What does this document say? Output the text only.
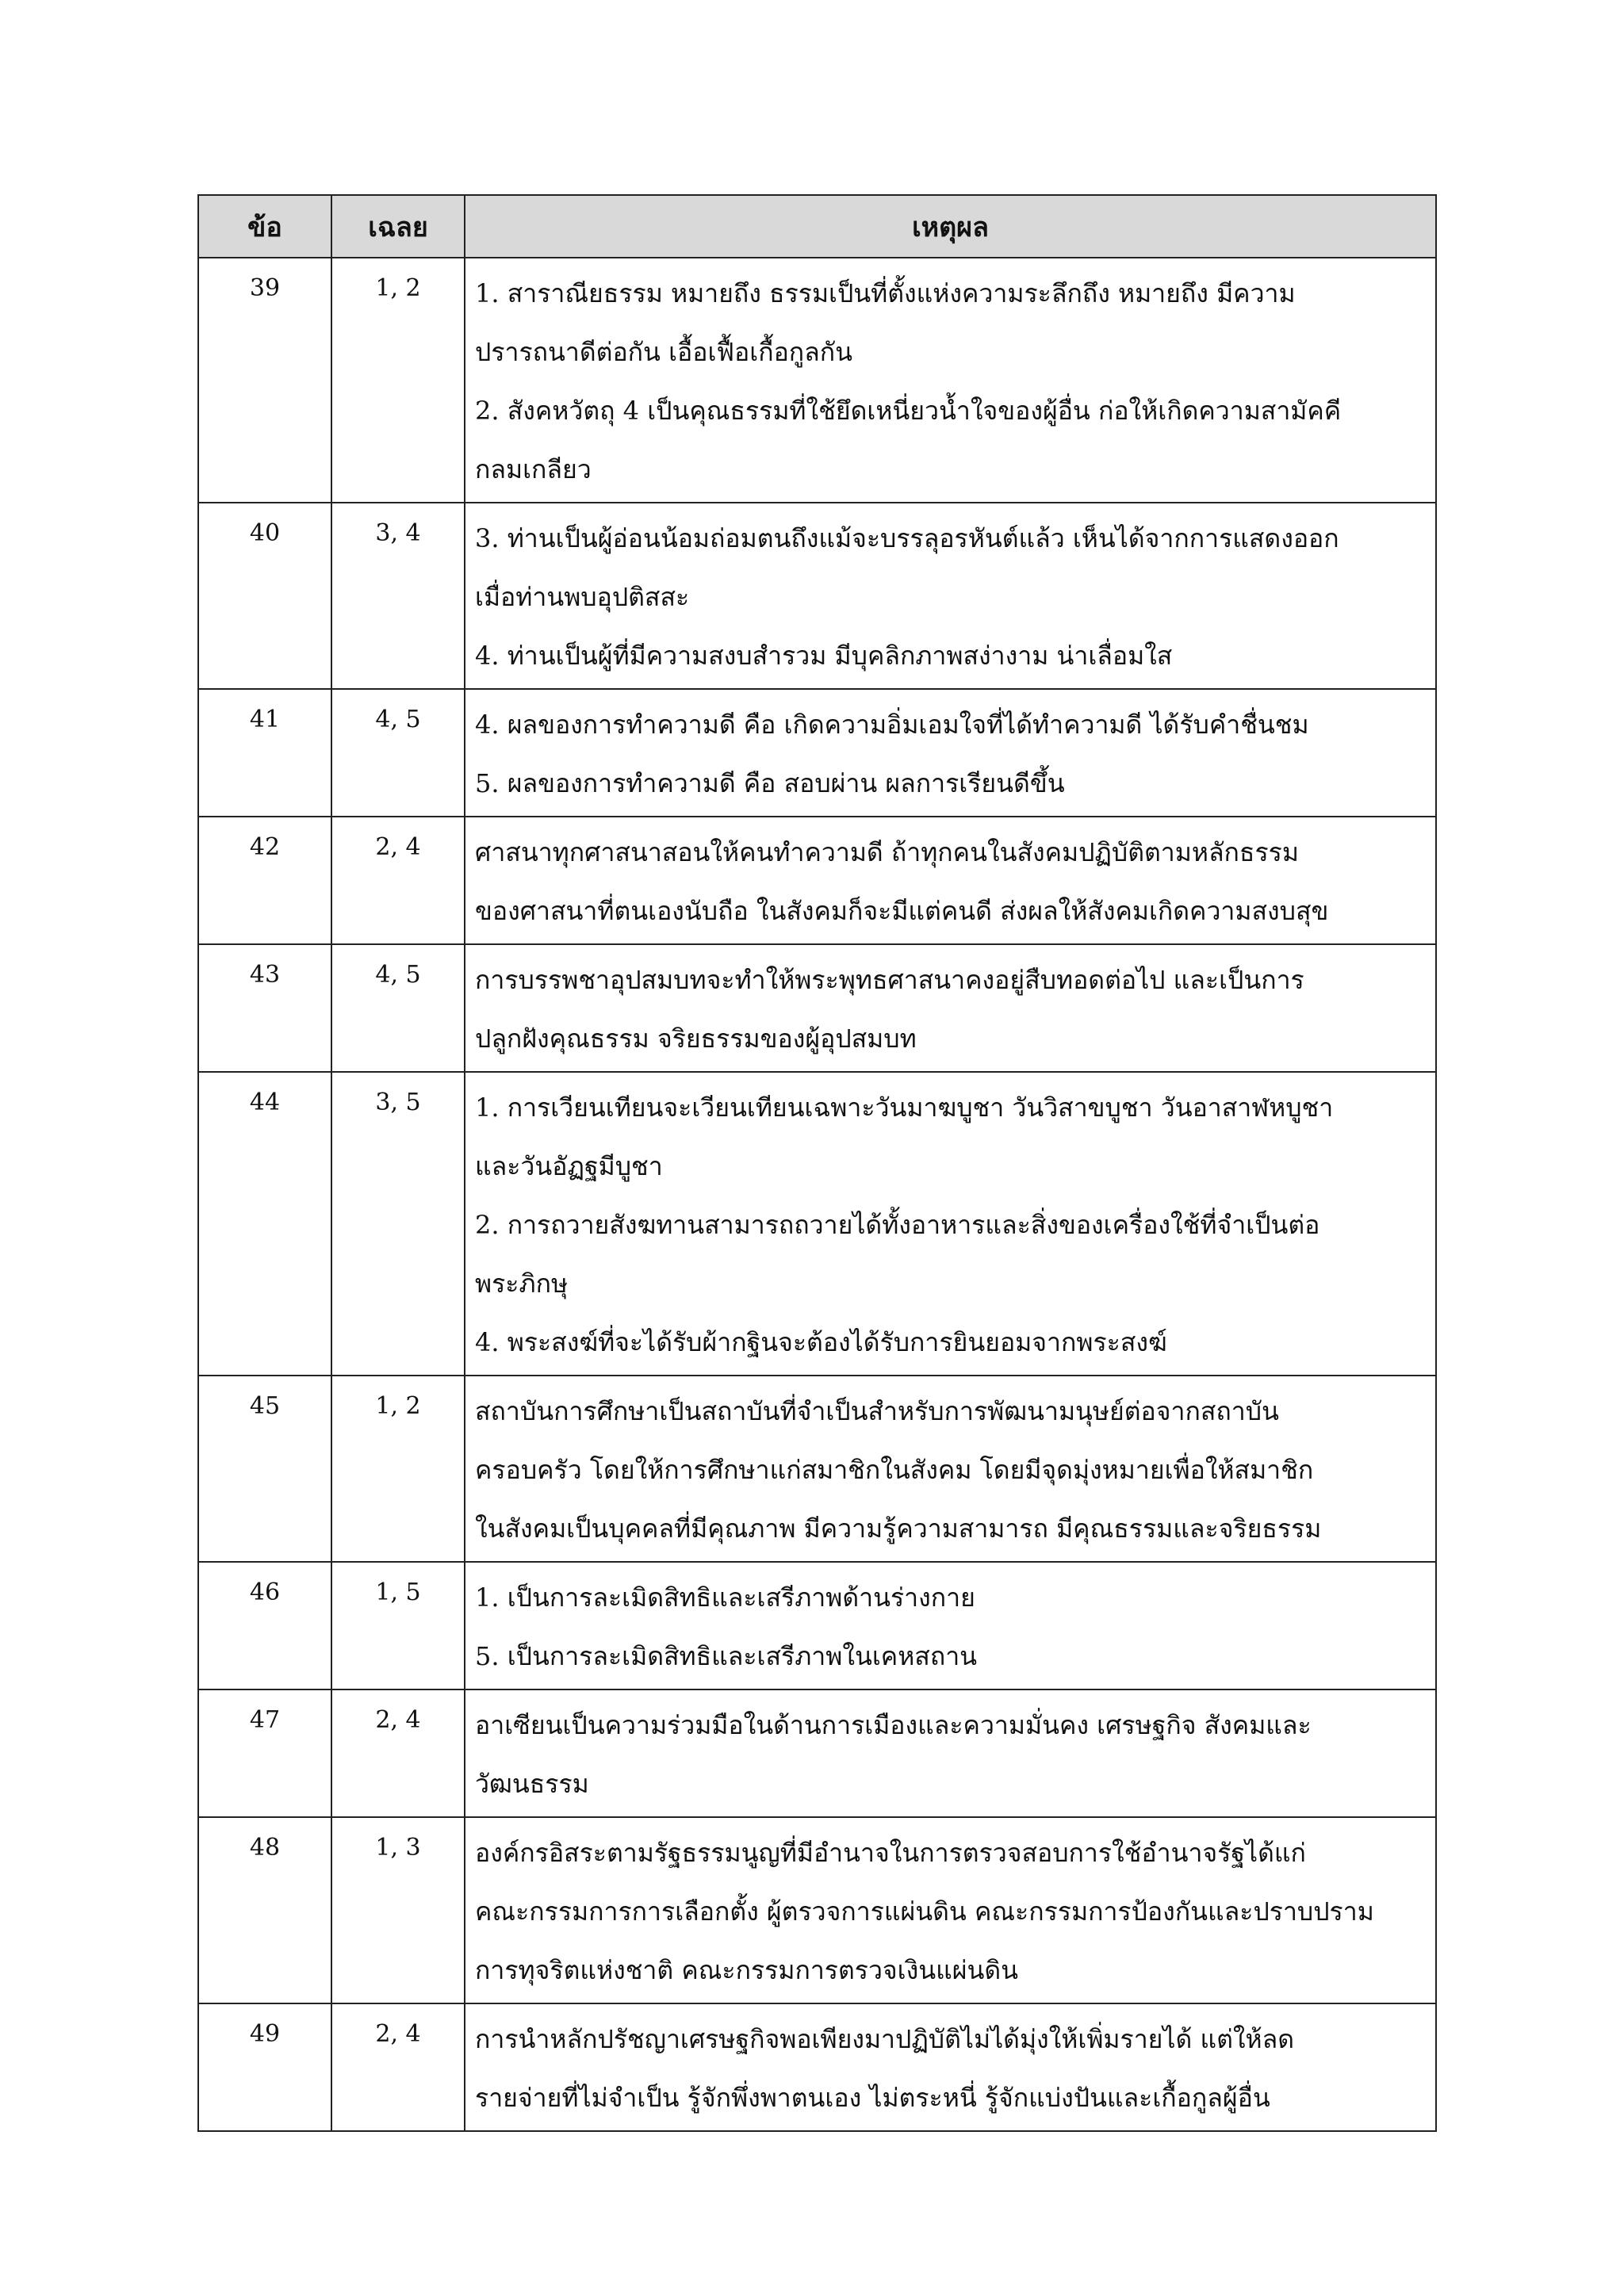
ข้อ	เฉลย	เหตุผล
39	1, 2	1. สาราณียธรรม หมายถึง ธรรมเป็นที่ตั้งแห่งความระลึกถึง หมายถึง มีความ
ปรารถนาดีต่อกัน เอื้อเฟื้อเกื้อกูลกัน
2. สังคหวัตถุ 4 เป็นคุณธรรมที่ใช้ยึดเหนี่ยวน้ำใจของผู้อื่น ก่อให้เกิดความสามัคคี
กลมเกลียว

40	3, 4	3. ท่านเป็นผู้อ่อนน้อมถ่อมตนถึงแม้จะบรรลุอรหันต์แล้ว เห็นได้จากการแสดงออก
เมื่อท่านพบอุปติสสะ
4. ท่านเป็นผู้ที่มีความสงบสำรวม มีบุคลิกภาพสง่างาม น่าเลื่อมใส

41	4, 5	4. ผลของการทำความดี คือ เกิดความอิ่มเอมใจที่ได้ทำความดี ได้รับคำชื่นชม
5. ผลของการทำความดี คือ สอบผ่าน ผลการเรียนดีขึ้น

42	2, 4	ศาสนาทุกศาสนาสอนให้คนทำความดี ถ้าทุกคนในสังคมปฏิบัติตามหลักธรรม
ของศาสนาที่ตนเองนับถือ ในสังคมก็จะมีแต่คนดี ส่งผลให้สังคมเกิดความสงบสุข

43	4, 5	การบรรพชาอุปสมบทจะทำให้พระพุทธศาสนาคงอยู่สืบทอดต่อไป และเป็นการ
ปลูกฝังคุณธรรม จริยธรรมของผู้อุปสมบท

44	3, 5	1. การเวียนเทียนจะเวียนเทียนเฉพาะวันมาฆบูชา วันวิสาขบูชา วันอาสาฬหบูชา
และวันอัฏฐมีบูชา
2. การถวายสังฆทานสามารถถวายได้ทั้งอาหารและสิ่งของเครื่องใช้ที่จำเป็นต่อ
พระภิกษุ
4. พระสงฆ์ที่จะได้รับผ้ากฐินจะต้องได้รับการยินยอมจากพระสงฆ์

45	1, 2	สถาบันการศึกษาเป็นสถาบันที่จำเป็นสำหรับการพัฒนามนุษย์ต่อจากสถาบัน
ครอบครัว โดยให้การศึกษาแก่สมาชิกในสังคม โดยมีจุดมุ่งหมายเพื่อให้สมาชิก
ในสังคมเป็นบุคคลที่มีคุณภาพ มีความรู้ความสามารถ มีคุณธรรมและจริยธรรม

46	1, 5	1. เป็นการละเมิดสิทธิและเสรีภาพด้านร่างกาย
5. เป็นการละเมิดสิทธิและเสรีภาพในเคหสถาน

47	2, 4	อาเซียนเป็นความร่วมมือในด้านการเมืองและความมั่นคง เศรษฐกิจ สังคมและ
วัฒนธรรม

48	1, 3	องค์กรอิสระตามรัฐธรรมนูญที่มีอำนาจในการตรวจสอบการใช้อำนาจรัฐได้แก่
คณะกรรมการการเลือกตั้ง ผู้ตรวจการแผ่นดิน คณะกรรมการป้องกันและปราบปราม
การทุจริตแห่งชาติ คณะกรรมการตรวจเงินแผ่นดิน

49	2, 4	การนำหลักปรัชญาเศรษฐกิจพอเพียงมาปฏิบัติไม่ได้มุ่งให้เพิ่มรายได้ แต่ให้ลด
รายจ่ายที่ไม่จำเป็น รู้จักพึ่งพาตนเอง ไม่ตระหนี่ รู้จักแบ่งปันและเกื้อกูลผู้อื่น
